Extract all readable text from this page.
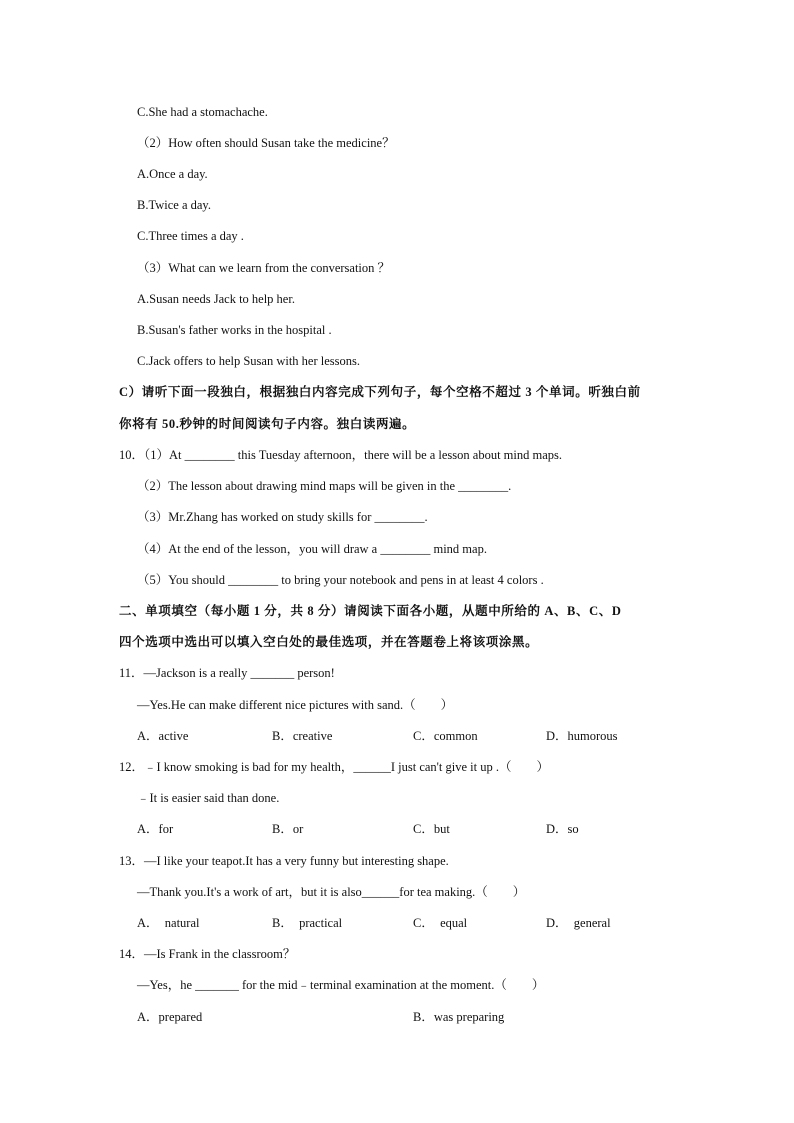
C.She had a stomachache.
（2）How often should Susan take the medicine？
A.Once a day.
B.Twice a day.
C.Three times a day .
（3）What can we learn from the conversation ？
A.Susan needs Jack to help her.
B.Susan's father works in the hospital .
C.Jack offers to help Susan with her lessons.
C）请听下面一段独白，根据独白内容完成下列句子，每个空格不超过 3 个单词。听独白前
你将有 50.秒钟的时间阅读句子内容。独白读两遍。
10．（1）At ________ this Tuesday afternoon，there will be a lesson about mind maps.
（2）The lesson about drawing mind maps will be given in the ________.
（3）Mr.Zhang has worked on study skills for ________.
（4）At the end of the lesson，you will draw a ________ mind map.
（5）You should ________ to bring your notebook and pens in at least 4 colors .
二、单项填空（每小题 1 分，共 8 分）请阅读下面各小题，从题中所给的 A、B、C、D
四个选项中选出可以填入空白处的最佳选项，并在答题卷上将该项涂黑。
11．—Jackson is a really _______ person!
—Yes.He can make different nice pictures with sand.（　　）
A．active	B．creative	C．common	D．humorous
12．﹣I know smoking is bad for my health，______I just can't give it up .（　　）
﹣It is easier said than done.
A．for	B．or	C．but	D．so
13．—I like your teapot.It has a very funny but interesting shape.
—Thank you.It's a work of art，but it is also______for tea making.（　　）
A．　natural	B．　practical	C．　equal	D．　general
14．—Is Frank in the classroom？
—Yes，he _______ for the mid﹣terminal examination at the moment.（　　）
A．prepared	B．was preparing
